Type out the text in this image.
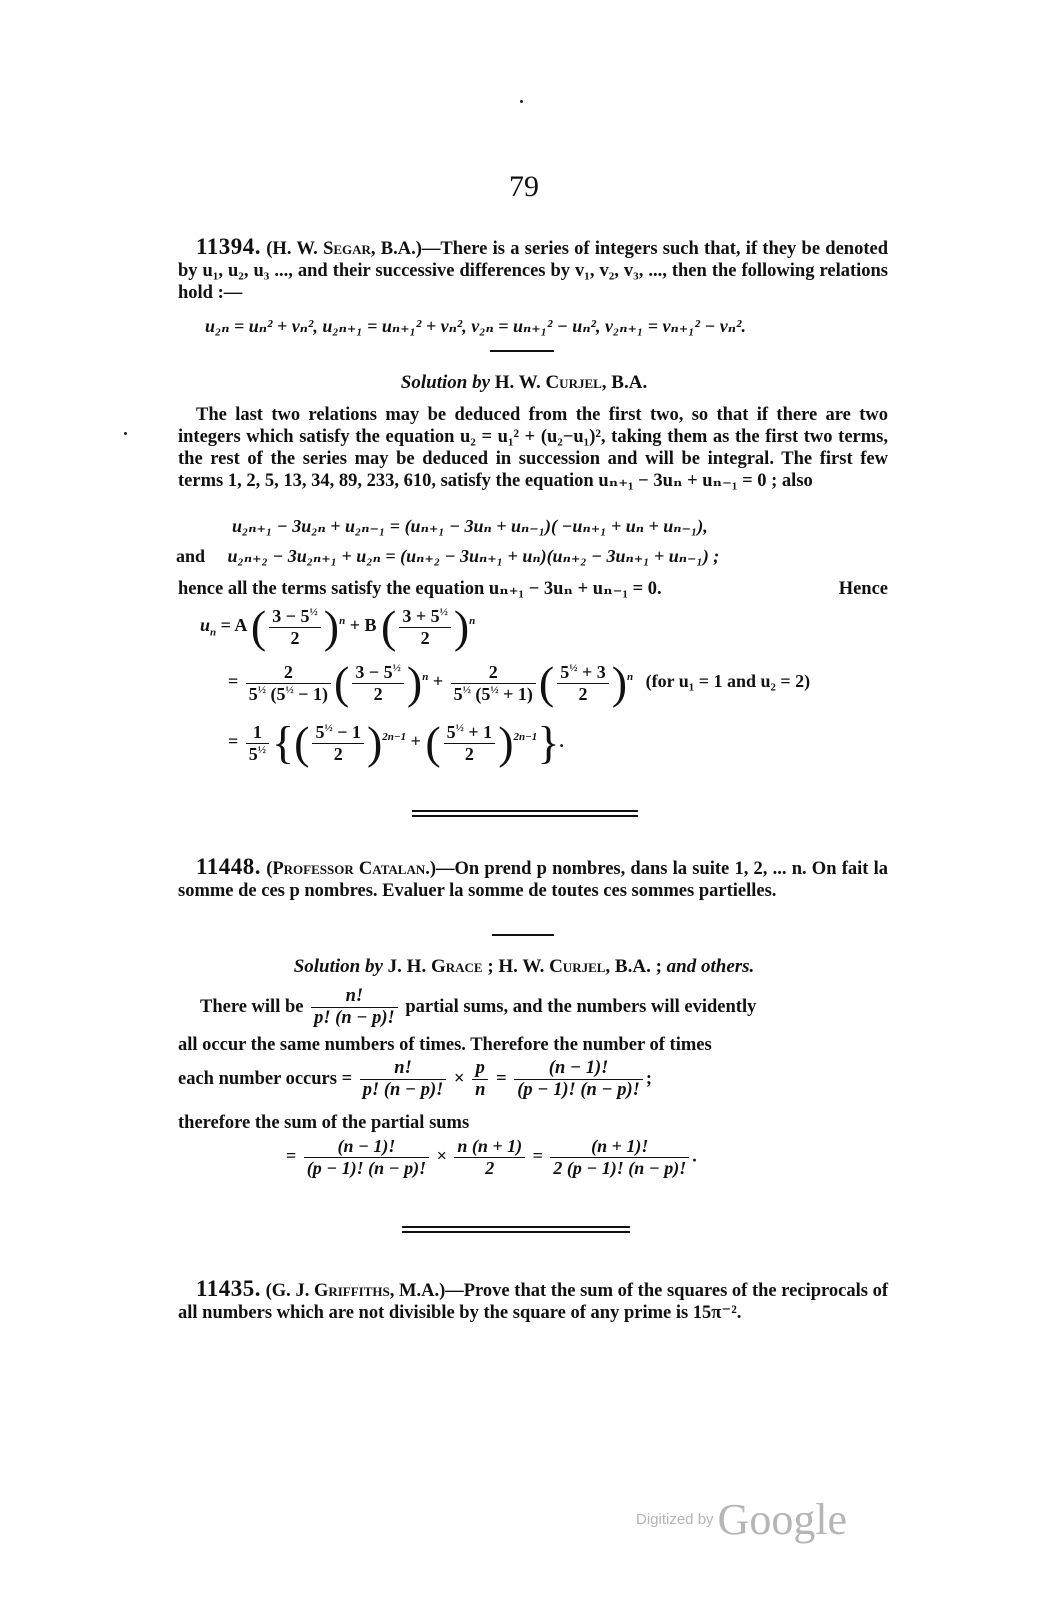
79

11394. (H. W. Segar, B.A.)—There is a series of integers such that, if they be denoted by u₁, u₂, u₃ ..., and their successive differences by v₁, v₂, v₃, ..., then the following relations hold :—

u₂ₙ = uₙ² + vₙ², u₂ₙ₊₁ = uₙ₊₁² + vₙ², v₂ₙ = uₙ₊₁² − uₙ², v₂ₙ₊₁ = vₙ₊₁² − vₙ².
Solution by H. W. Curjel, B.A.

The last two relations may be deduced from the first two, so that if there are two integers which satisfy the equation u₂ = u₁² + (u₂−u₁)², taking them as the first two terms, the rest of the series may be deduced in succession and will be integral. The first few terms 1, 2, 5, 13, 34, 89, 233, 610, satisfy the equation uₙ₊₁ − 3uₙ + uₙ₋₁ = 0 ; also

u₂ₙ₊₁ − 3u₂ₙ + u₂ₙ₋₁ = (uₙ₊₁ − 3uₙ + uₙ₋₁)( −uₙ₊₁ + uₙ + uₙ₋₁),
and u₂ₙ₊₂ − 3u₂ₙ₊₁ + u₂ₙ = (uₙ₊₂ − 3uₙ₊₁ + uₙ)(uₙ₊₂ − 3uₙ₊₁ + uₙ₋₁) ;

hence all the terms satisfy the equation uₙ₊₁ − 3uₙ + uₙ₋₁ = 0.	Hence

$u_n = A$ ( $\frac{3 - 5^{\frac{1}{2}}}{2} )^n + B$ ( $\frac{3 + 5^{\frac{1}{2}}}{2} )^n$
= $\frac{2}{5^{\frac{1}{2}} (5^{\frac{1}{2}} - 1)}$ ( $\frac{3 - 5^{\frac{1}{2}}}{2} )^n + \frac{2}{5^{\frac{1}{2}} (5^{\frac{1}{2}} + 1)}$ ( $\frac{5^{\frac{1}{2}} + 3}{2} )^n$ (for u₁ = 1 and u₂ = 2)
= $\frac{1}{5^{\frac{1}{2}}}$ {( $\frac{5^{\frac{1}{2}} - 1}{2} )^{2n-1}$ + ( $\frac{5^{\frac{1}{2}} + 1}{2} )^{2n-1}$}.

11448. (Professor Catalan.)—On prend p nombres, dans la suite 1, 2, ... n. On fait la somme de ces p nombres. Evaluer la somme de toutes ces sommes partielles.

Solution by J. H. Grace ; H. W. Curjel, B.A. ; and others.
There will be $\frac{n!}{p! (n - p)!}$ partial sums, and the numbers will evidently

all occur the same numbers of times. Therefore the number of times

each number occurs = $\frac{n!}{p! (n - p)!} \times \frac{p}{n} = \frac{(n - 1)!}{(p - 1)! (n - p)!}$ ;

therefore the sum of the partial sums

= $\frac{(n - 1)!}{(p - 1)! (n - p)!} \times \frac{n (n + 1)}{2} = \frac{(n + 1)!}{2 (p - 1)! (n - p)!}$ .

11435. (G. J. Griffiths, M.A.)—Prove that the sum of the squares of the reciprocals of all numbers which are not divisible by the square of any prime is 15π⁻².

Digitized by Google
